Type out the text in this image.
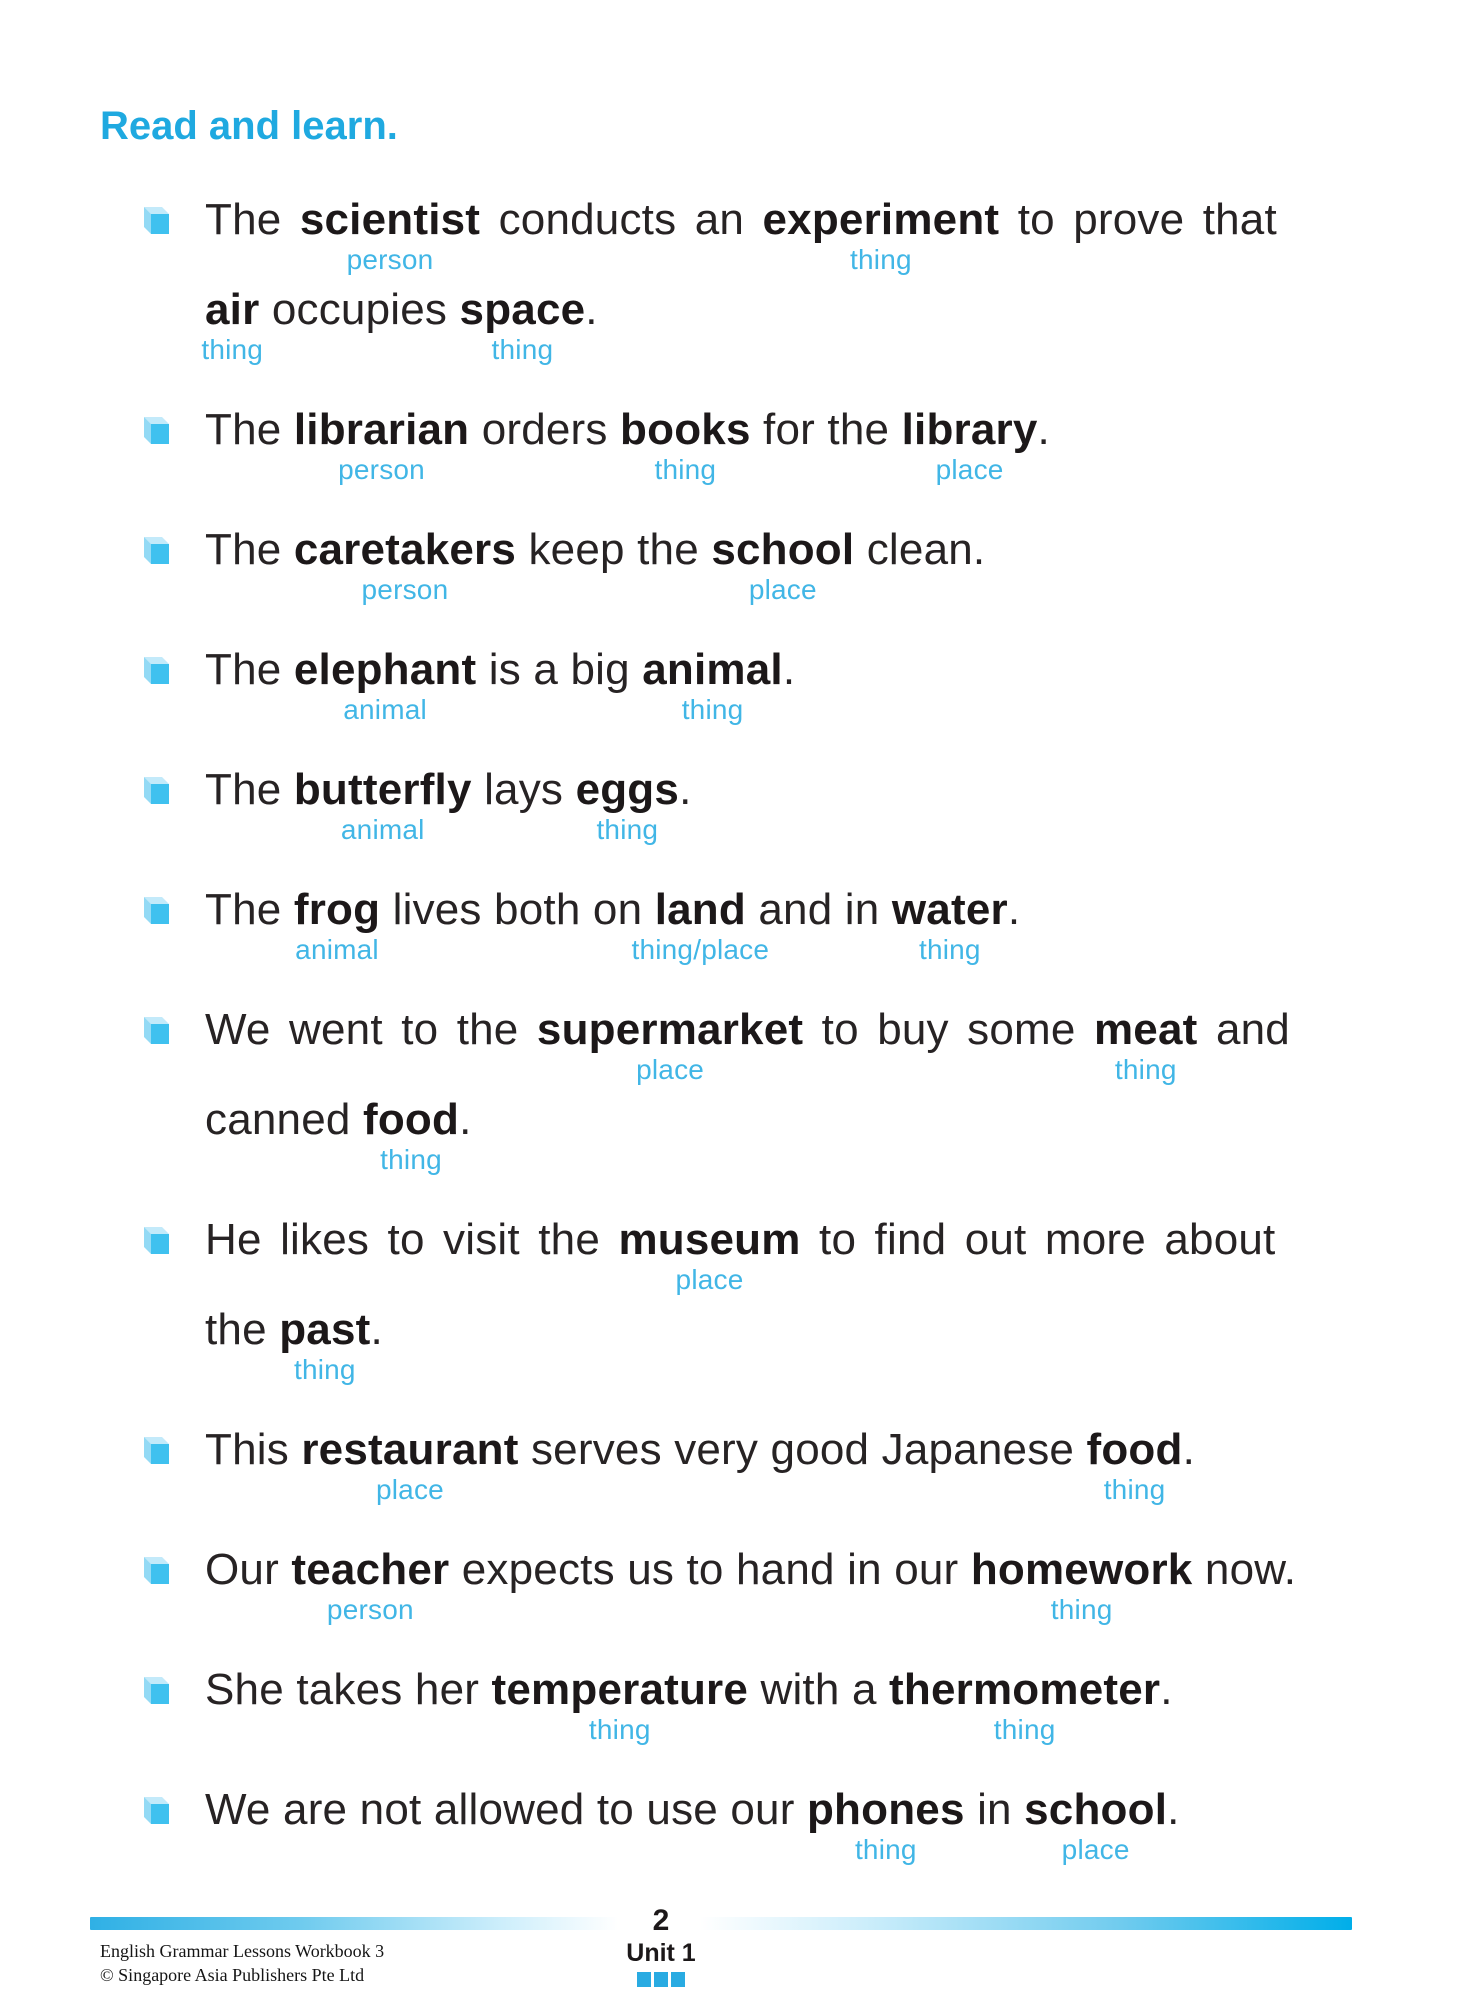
Read and learn.
The scientist
person
conducts an experiment
thing
to prove that
air
thing
occupies space
thing
.
The librarian
person
orders books
thing
for the library
place
.
The caretakers
person
keep the school
place
clean.
The elephant
animal
is a big animal
thing
.
The butterfly
animal
lays eggs
thing
.
The frog
animal
lives both on land
thing/place
and in water
thing
.
We went to the supermarket
place
to buy some meat
thing
and
canned food
thing
.
He likes to visit the museum
place
to find out more about
the past
thing
.
This restaurant
place
serves very good Japanese food
thing
.
Our teacher
person
expects us to hand in our homework
thing
now.
She takes her temperature
thing
with a thermometer
thing
.
We are not allowed to use our phones
thing
in school
place
.
2
Unit 1
English Grammar Lessons Workbook 3
© Singapore Asia Publishers Pte Ltd
